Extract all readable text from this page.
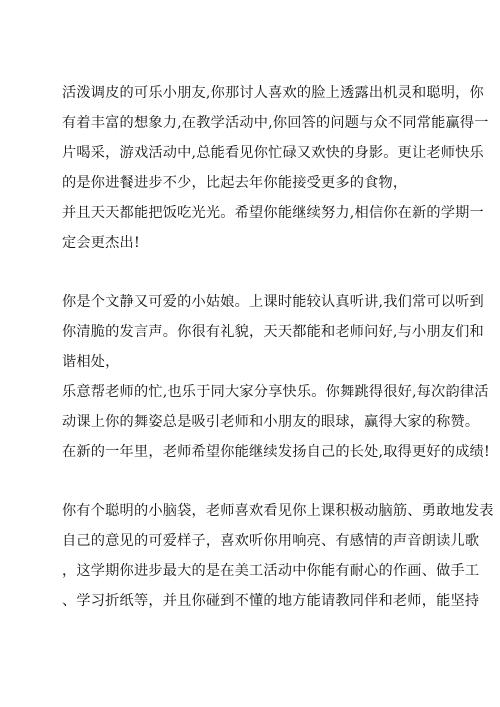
活泼调皮的可乐小朋友,你那讨人喜欢的脸上透露出机灵和聪明，你
有着丰富的想象力,在教学活动中,你回答的问题与众不同常能赢得一
片喝采，游戏活动中,总能看见你忙碌又欢快的身影。更让老师快乐
的是你进餐进步不少，比起去年你能接受更多的食物，
并且天天都能把饭吃光光。希望你能继续努力,相信你在新的学期一
定会更杰出!
你是个文静又可爱的小姑娘。上课时能较认真听讲,我们常可以听到
你清脆的发言声。你很有礼貌，天天都能和老师问好,与小朋友们和
谐相处，
乐意帮老师的忙,也乐于同大家分享快乐。你舞跳得很好,每次韵律活
动课上你的舞姿总是吸引老师和小朋友的眼球，赢得大家的称赞。
在新的一年里，老师希望你能继续发扬自己的长处,取得更好的成绩!
你有个聪明的小脑袋，老师喜欢看见你上课积极动脑筋、勇敢地发表
自己的意见的可爱样子，喜欢听你用响亮、有感情的声音朗读儿歌
，这学期你进步最大的是在美工活动中你能有耐心的作画、做手工
、学习折纸等，并且你碰到不懂的地方能请教同伴和老师，能坚持
